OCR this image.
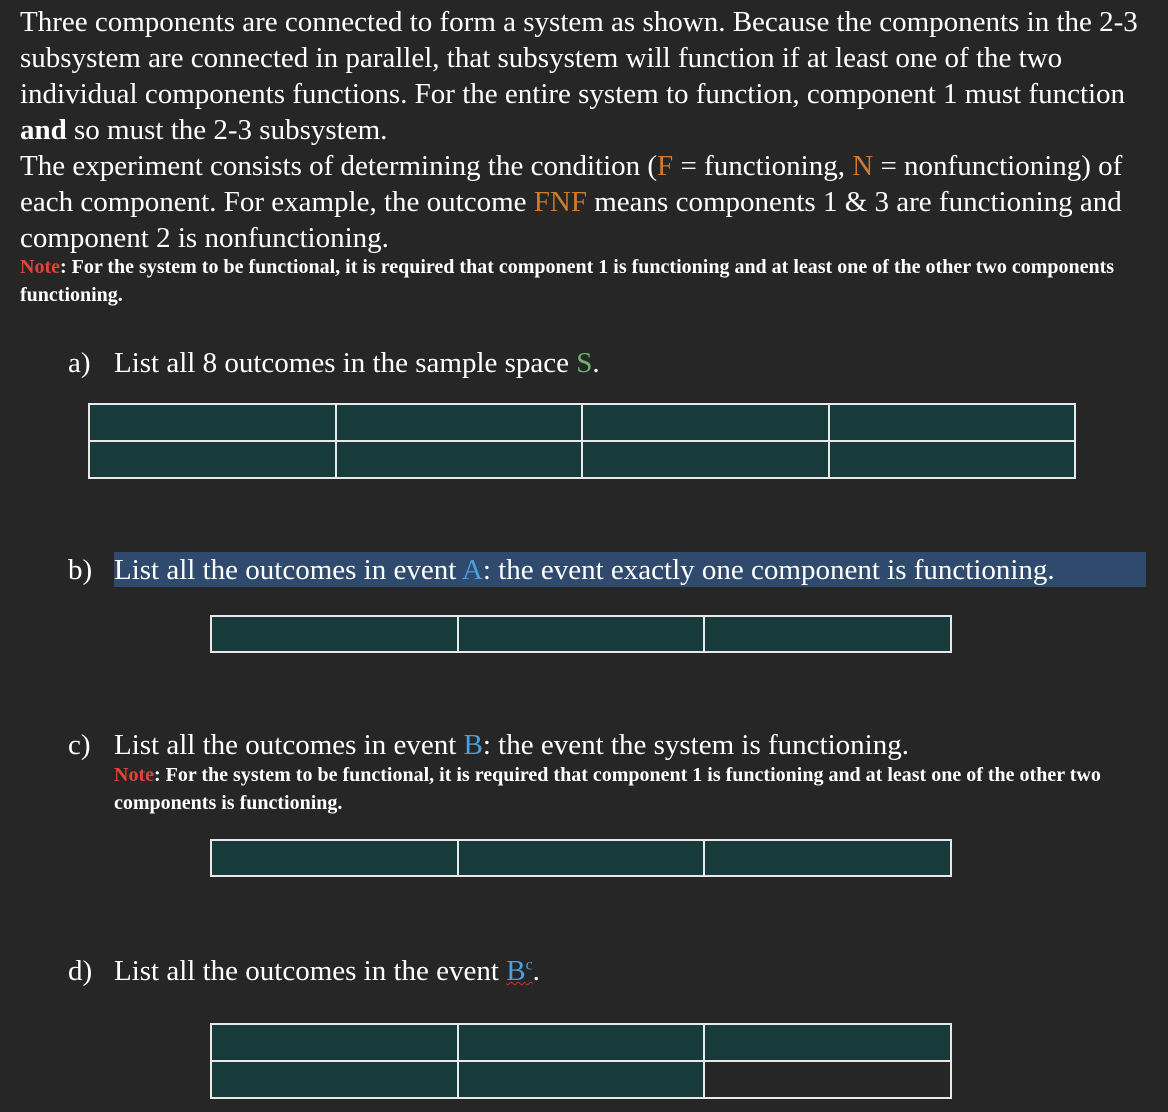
Three components are connected to form a system as shown. Because the components in the 2-3 subsystem are connected in parallel, that subsystem will function if at least one of the two individual components functions. For the entire system to function, component 1 must function and so must the 2-3 subsystem.

The experiment consists of determining the condition (F = functioning, N = nonfunctioning) of each component. For example, the outcome FNF means components 1 & 3 are functioning and component 2 is nonfunctioning.

Note: For the system to be functional, it is required that component 1 is functioning and at least one of the other two components functioning.
a) List all 8 outcomes in the sample space S.
b) List all the outcomes in event A: the event exactly one component is functioning.
c) List all the outcomes in event B: the event the system is functioning.
Note: For the system to be functional, it is required that component 1 is functioning and at least one of the other two components is functioning.
d) List all the outcomes in the event $B^c$.
